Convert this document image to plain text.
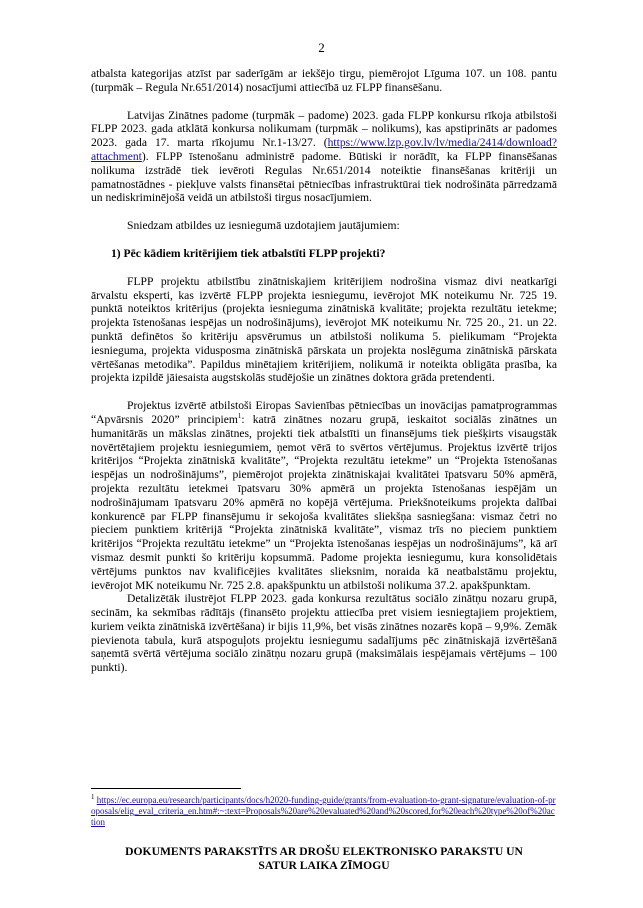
2

atbalsta kategorijas atzīst par saderīgām ar iekšējo tirgu, piemērojot Līguma 107. un 108. pantu (turpmāk – Regula Nr.651/2014) nosacījumi attiecībā uz FLPP finansēšanu.

Latvijas Zinātnes padome (turpmāk – padome) 2023. gada FLPP konkursu rīkoja atbilstoši FLPP 2023. gada atklātā konkursa nolikumam (turpmāk – nolikums), kas apstiprināts ar padomes 2023. gada 17. marta rīkojumu Nr.1-13/27. (https://www.lzp.gov.lv/lv/media/2414/download?attachment). FLPP īstenošanu administrē padome. Būtiski ir norādīt, ka FLPP finansēšanas nolikuma izstrādē tiek ievēroti Regulas Nr.651/2014 noteiktie finansēšanas kritēriji un pamatnostādnes - piekļuve valsts finansētai pētniecības infrastruktūrai tiek nodrošināta pārredzamā un nediskriminējošā veidā un atbilstoši tirgus nosacījumiem.

Sniedzam atbildes uz iesniegumā uzdotajiem jautājumiem:

1) Pēc kādiem kritērijiem tiek atbalstīti FLPP projekti?

FLPP projektu atbilstību zinātniskajiem kritērijiem nodrošina vismaz divi neatkarīgi ārvalstu eksperti, kas izvērtē FLPP projekta iesniegumu, ievērojot MK noteikumu Nr. 725 19. punktā noteiktos kritērijus (projekta iesnieguma zinātniskā kvalitāte; projekta rezultātu ietekme; projekta īstenošanas iespējas un nodrošinājums), ievērojot MK noteikumu Nr. 725 20., 21. un 22. punktā definētos šo kritēriju apsvērumus un atbilstoši nolikuma 5. pielikumam “Projekta iesnieguma, projekta vidusposma zinātniskā pārskata un projekta noslēguma zinātniskā pārskata vērtēšanas metodika”. Papildus minētajiem kritērijiem, nolikumā ir noteikta obligāta prasība, ka projekta izpildē jāiesaista augstskolās studējošie un zinātnes doktora grāda pretendenti.

Projektus izvērtē atbilstoši Eiropas Savienības pētniecības un inovācijas pamatprogrammas “Apvārsnis 2020” principiem$^1$: katrā zinātnes nozaru grupā, ieskaitot sociālās zinātnes un humanitārās un mākslas zinātnes, projekti tiek atbalstīti un finansējums tiek piešķirts visaugstāk novērtētajiem projektu iesniegumiem, ņemot vērā to svērtos vērtējumus. Projektus izvērtē trijos kritērijos “Projekta zinātniskā kvalitāte”, “Projekta rezultātu ietekme” un “Projekta īstenošanas iespējas un nodrošinājums”, piemērojot projekta zinātniskajai kvalitātei īpatsvaru 50% apmērā, projekta rezultātu ietekmei īpatsvaru 30% apmērā un projekta īstenošanas iespējām un nodrošinājumam īpatsvaru 20% apmērā no kopējā vērtējuma. Priekšnoteikums projekta dalībai konkurencē par FLPP finansējumu ir sekojoša kvalitātes sliekšņa sasniegšana: vismaz četri no pieciem punktiem kritērijā “Projekta zinātniskā kvalitāte”, vismaz trīs no pieciem punktiem kritērijos “Projekta rezultātu ietekme” un “Projekta īstenošanas iespējas un nodrošinājums”, kā arī vismaz desmit punkti šo kritēriju kopsummā. Padome projekta iesniegumu, kura konsolidētais vērtējums punktos nav kvalificējies kvalitātes slieksnim, noraida kā neatbalstāmu projektu, ievērojot MK noteikumu Nr. 725 2.8. apakšpunktu un atbilstoši nolikuma 37.2. apakšpunktam.

Detalizētāk ilustrējot FLPP 2023. gada konkursa rezultātus sociālo zinātņu nozaru grupā, secinām, ka sekmības rādītājs (finansēto projektu attiecība pret visiem iesniegtajiem projektiem, kuriem veikta zinātniskā izvērtēšana) ir bijis 11,9%, bet visās zinātnes nozarēs kopā – 9,9%. Zemāk pievienota tabula, kurā atspoguļots projektu iesniegumu sadalījums pēc zinātniskajā izvērtēšanā saņemtā svērtā vērtējuma sociālo zinātņu nozaru grupā (maksimālais iespējamais vērtējums – 100 punkti).

$^1$ https://ec.europa.eu/research/participants/docs/h2020-funding-guide/grants/from-evaluation-to-grant-signature/evaluation-of-proposals/elig_eval_criteria_en.htm#:~:text=Proposals%20are%20evaluated%20and%20scored,for%20each%20type%20of%20action
DOKUMENTS PARAKSTĪTS AR DROŠU ELEKTRONISKO PARAKSTU UN
SATUR LAIKA ZĪMOGU
